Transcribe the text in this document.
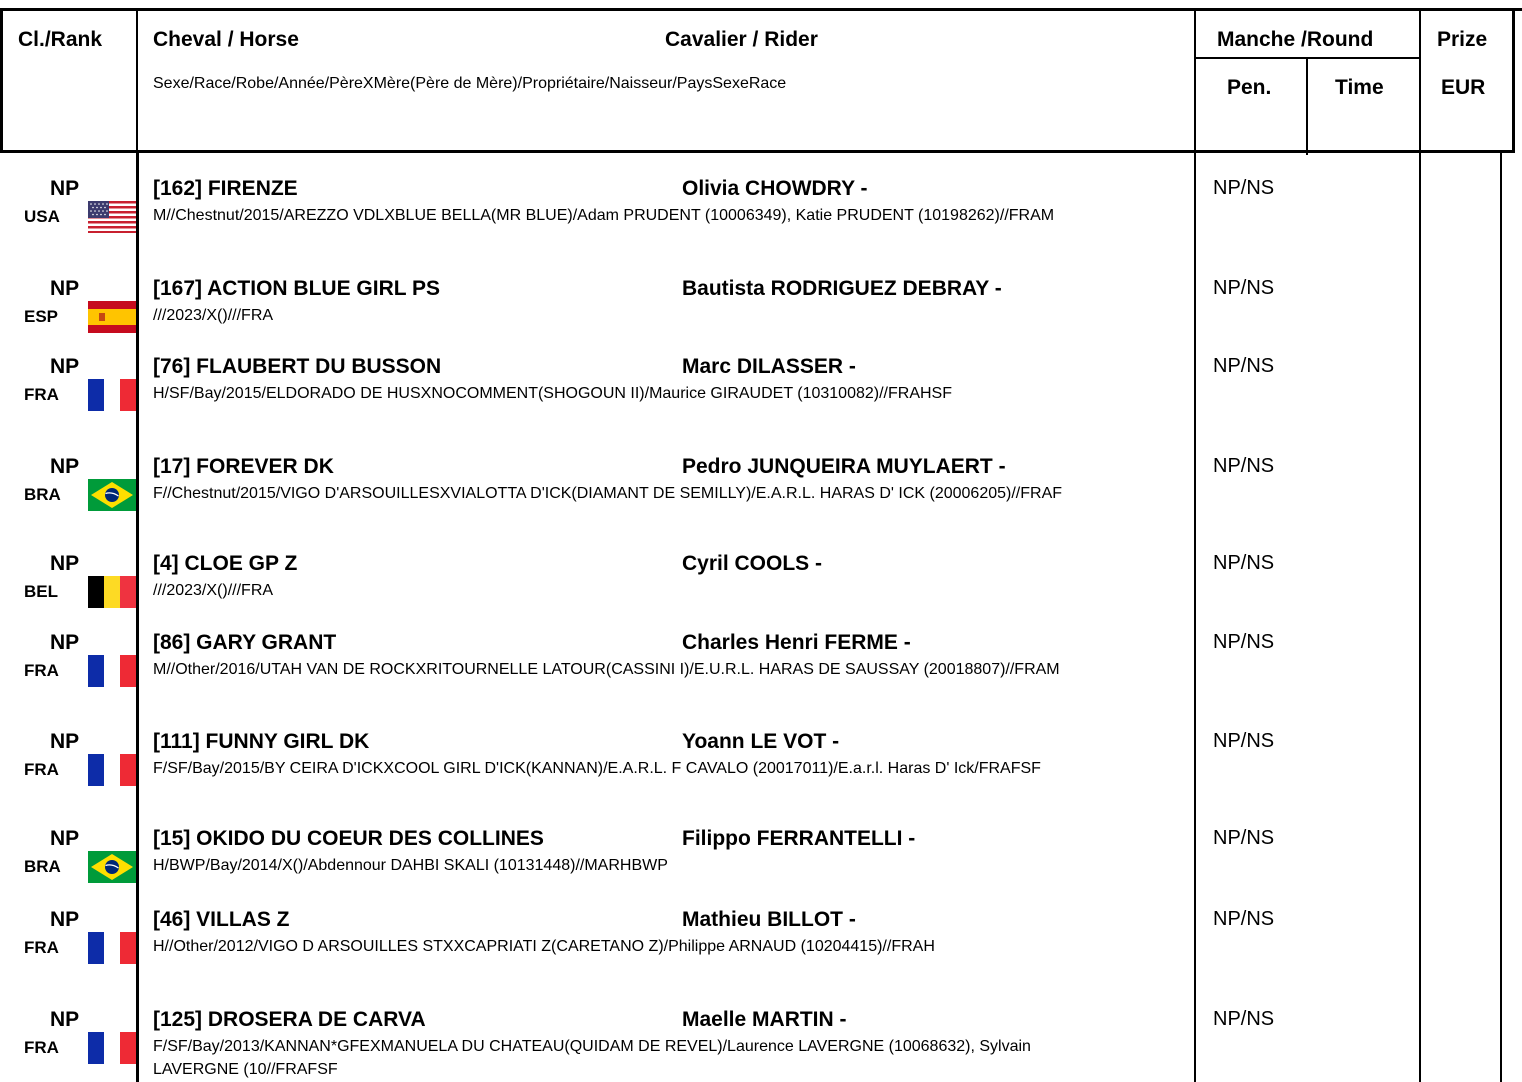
Cl./Rank Cheval / Horse	Cavalier / Rider	Manche /Round	Prize
Sexe/Race/Robe/Année/PèreXMère(Père de Mère)/Propriétaire/Naisseur/PaysSexeRace	Pen.	Time	EUR
NP
USA
[162] FIRENZE	Olivia CHOWDRY -
M//Chestnut/2015/AREZZO VDLXBLUE BELLA(MR BLUE)/Adam PRUDENT (10006349), Katie PRUDENT (10198262)//FRAM
NP/NS
NP
ESP
[167] ACTION BLUE GIRL PS	Bautista RODRIGUEZ DEBRAY -
///2023/X()///FRA
NP/NS
NP
FRA
[76] FLAUBERT DU BUSSON	Marc DILASSER -
H/SF/Bay/2015/ELDORADO DE HUSXNOCOMMENT(SHOGOUN II)/Maurice GIRAUDET (10310082)//FRAHSF
NP/NS
NP
BRA
[17] FOREVER DK	Pedro JUNQUEIRA MUYLAERT -
F//Chestnut/2015/VIGO D'ARSOUILLESXVIALOTTA D'ICK(DIAMANT DE SEMILLY)/E.A.R.L. HARAS D' ICK (20006205)//FRAF
NP/NS
NP
BEL
[4] CLOE GP Z	Cyril COOLS -
///2023/X()///FRA
NP/NS
NP
FRA
[86] GARY GRANT	Charles Henri FERME -
M//Other/2016/UTAH VAN DE ROCKXRITOURNELLE LATOUR(CASSINI I)/E.U.R.L. HARAS DE SAUSSAY (20018807)//FRAM
NP/NS
NP
FRA
[111] FUNNY GIRL DK	Yoann LE VOT -
F/SF/Bay/2015/BY CEIRA D'ICKXCOOL GIRL D'ICK(KANNAN)/E.A.R.L. F CAVALO (20017011)/E.a.r.l. Haras D' Ick/FRAFSF
NP/NS
NP
BRA
[15] OKIDO DU COEUR DES COLLINES	Filippo FERRANTELLI -
H/BWP/Bay/2014/X()/Abdennour DAHBI SKALI (10131448)//MARHBWP
NP/NS
NP
FRA
[46] VILLAS Z	Mathieu BILLOT -
H//Other/2012/VIGO D ARSOUILLES STXXCAPRIATI Z(CARETANO Z)/Philippe ARNAUD (10204415)//FRAH
NP/NS
NP
FRA
[125] DROSERA DE CARVA	Maelle MARTIN -
F/SF/Bay/2013/KANNAN*GFEXMANUELA DU CHATEAU(QUIDAM DE REVEL)/Laurence LAVERGNE (10068632), Sylvain LAVERGNE (10//FRAFSF
NP/NS
